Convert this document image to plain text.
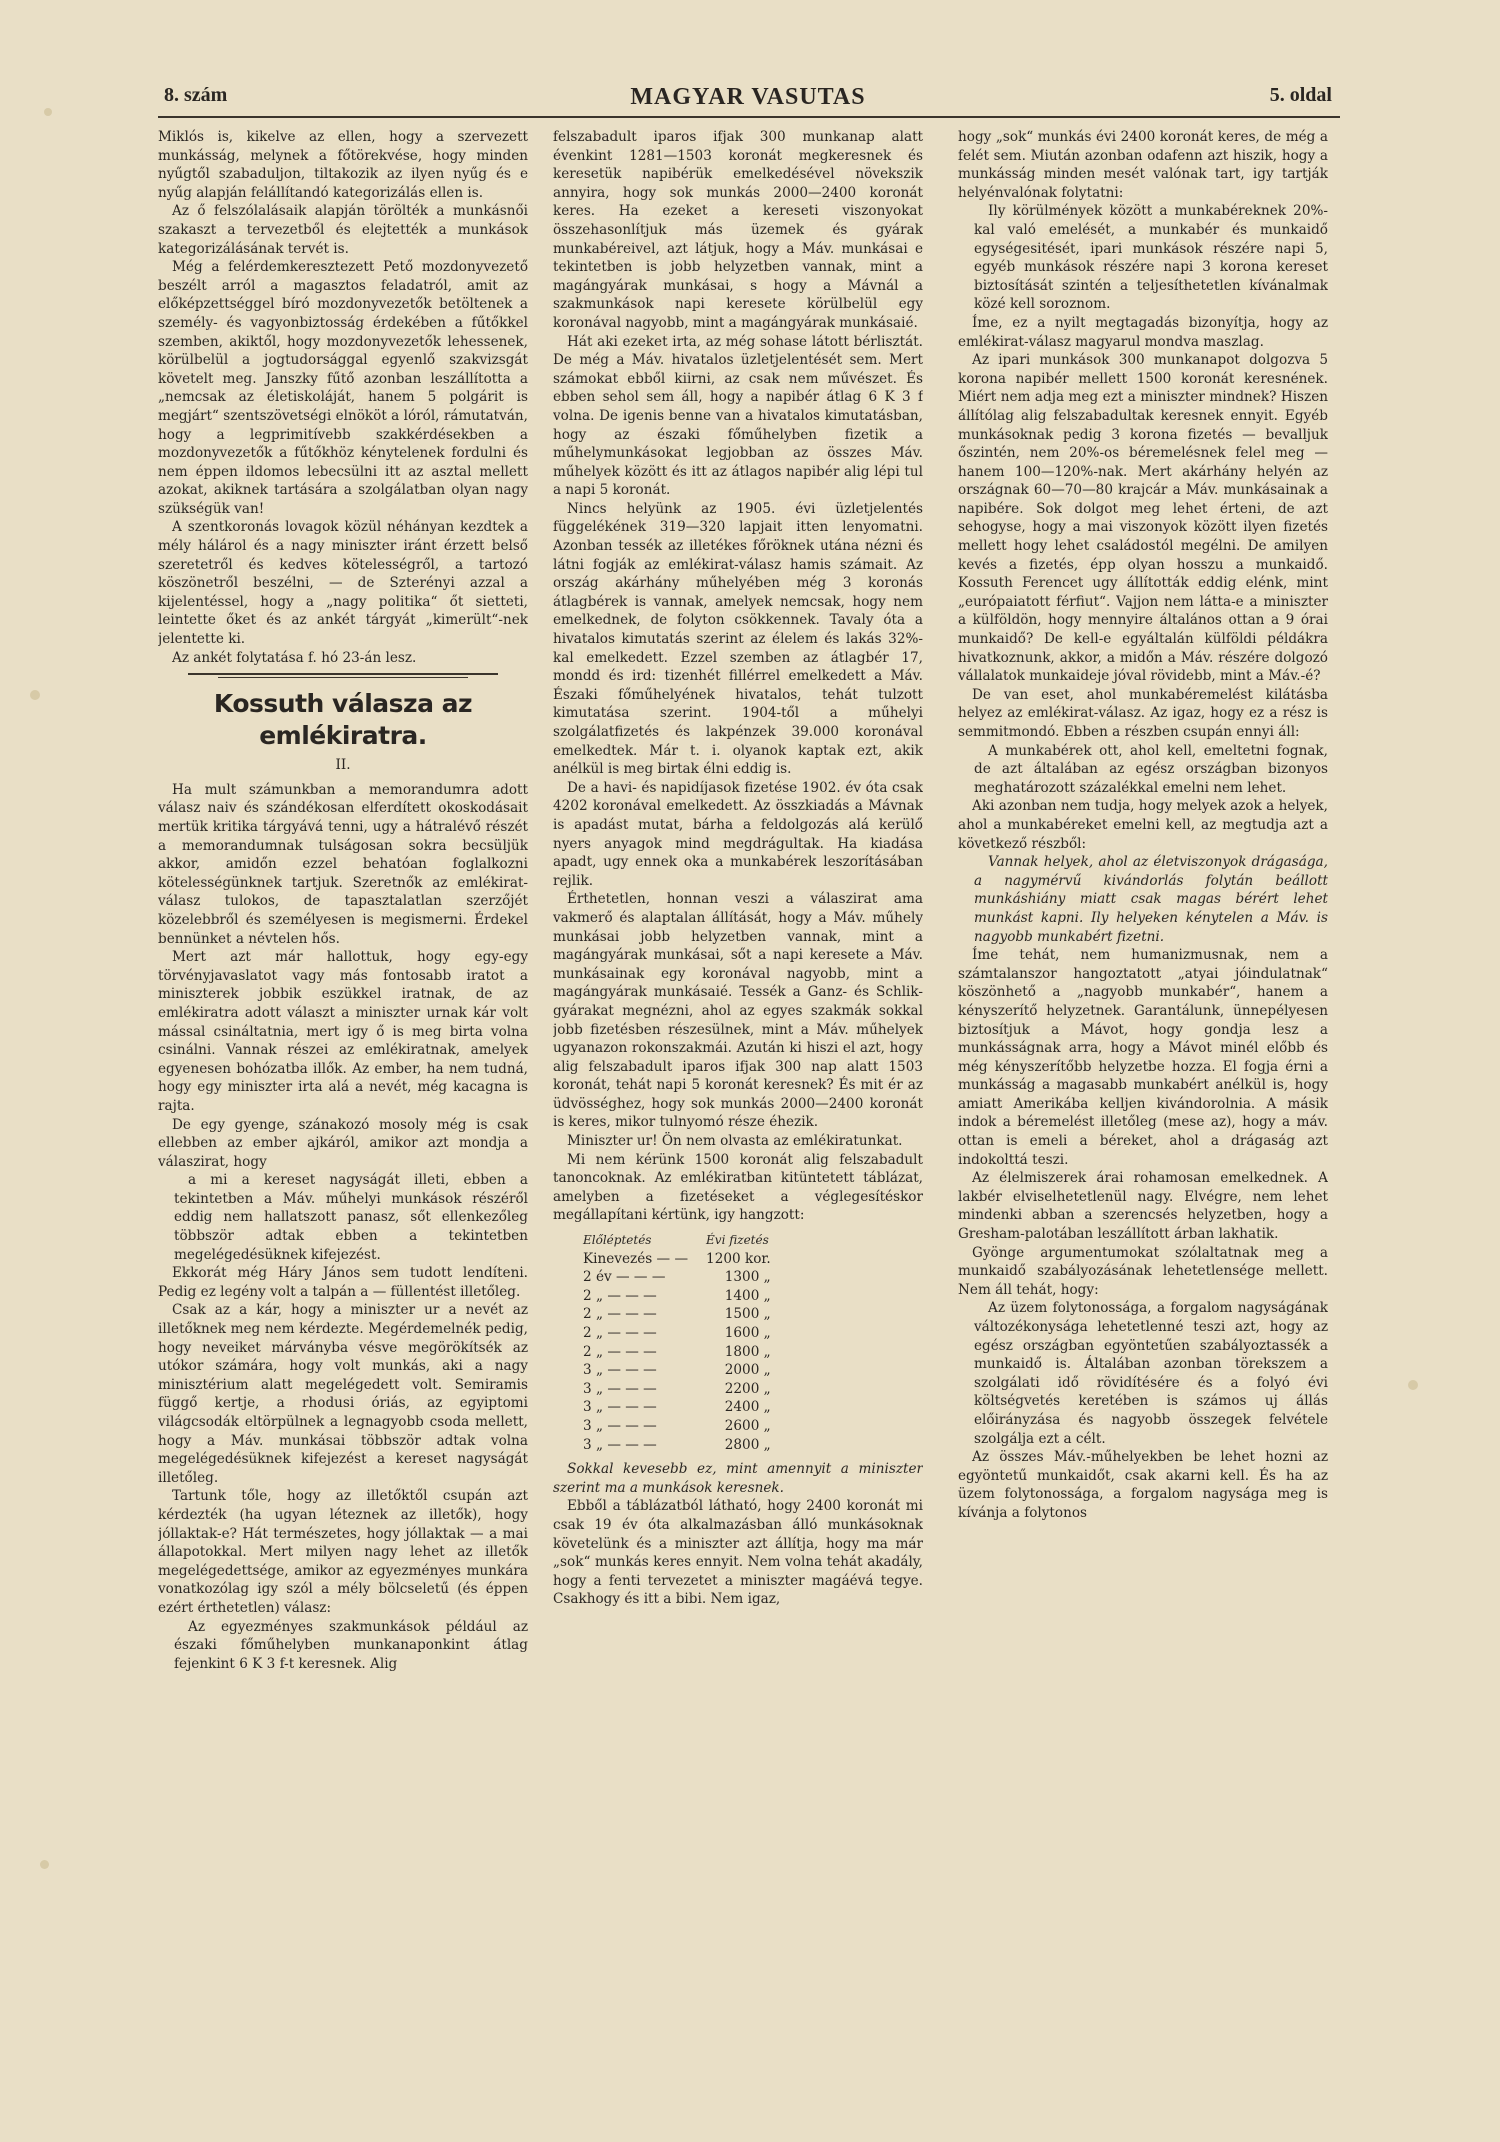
8. szám	MAGYAR VASUTAS	5. oldal

Miklós is, kikelve az ellen, hogy a szervezett munkásság, melynek a főtörekvése, hogy minden nyűgtől szabaduljon, tiltakozik az ilyen nyűg és e nyűg alapján felállítandó kategorizálás ellen is.

Az ő felszólalásaik alapján törölték a munkásnői szakaszt a tervezetből és elejtették a munkások kategorizálásának tervét is.

Még a felérdemkeresztezett Pető mozdonyvezető beszélt arról a magasztos feladatról, amit az előképzettséggel bíró mozdonyvezetők betöltenek a személy- és vagyonbiztosság érdekében a fűtőkkel szemben, akiktől, hogy mozdonyvezetők lehessenek, körülbelül a jogtudorsággal egyenlő szakvizsgát követelt meg. Janszky fűtő azonban leszállította a „nemcsak az életiskoláját, hanem 5 polgárit is megjárt“ szentszövetségi elnököt a lóról, rámutatván, hogy a legprimitívebb szakkérdésekben a mozdonyvezetők a fűtőkhöz kénytelenek fordulni és nem éppen ildomos lebecsülni itt az asztal mellett azokat, akiknek tartására a szolgálatban olyan nagy szükségük van!

A szentkoronás lovagok közül néhányan kezdtek a mély hálárol és a nagy miniszter iránt érzett belső szeretetről és kedves kötelességről, a tartozó köszönetről beszélni, — de Szterényi azzal a kijelentéssel, hogy a „nagy politika“ őt sietteti, leintette őket és az ankét tárgyát „kimerült“-nek jelentette ki.

Az ankét folytatása f. hó 23-án lesz.

Kossuth válasza az emlékiratra.

II.

Ha mult számunkban a memorandumra adott válasz naiv és szándékosan elferdített okoskodásait mertük kritika tárgyává tenni, ugy a hátralévő részét a memorandumnak tulságosan sokra becsüljük akkor, amidőn ezzel behatóan foglalkozni kötelességünknek tartjuk. Szeretnők az emlékirat-válasz tulokos, de tapasztalatlan szerzőjét közelebbről és személyesen is megismerni. Érdekel bennünket a névtelen hős.

Mert azt már hallottuk, hogy egy-egy törvényjavaslatot vagy más fontosabb iratot a miniszterek jobbik eszükkel iratnak, de az emlékiratra adott választ a miniszter urnak kár volt mással csináltatnia, mert igy ő is meg birta volna csinálni. Vannak részei az emlékiratnak, amelyek egyenesen bohózatba illők. Az ember, ha nem tudná, hogy egy miniszter irta alá a nevét, még kacagna is rajta.

De egy gyenge, szánakozó mosoly még is csak ellebben az ember ajkáról, amikor azt mondja a válaszirat, hogy

a mi a kereset nagyságát illeti, ebben a tekintetben a Máv. műhelyi munkások részéről eddig nem hallatszott panasz, sőt ellenkezőleg többször adtak ebben a tekintetben megelégedésüknek kifejezést.

Ekkorát még Háry János sem tudott lendíteni. Pedig ez legény volt a talpán a — füllentést illetőleg.

Csak az a kár, hogy a miniszter ur a nevét az illetőknek meg nem kérdezte. Megérdemelnék pedig, hogy neveiket márványba vésve megörökítsék az utókor számára, hogy volt munkás, aki a nagy minisztérium alatt megelégedett volt. Semiramis függő kertje, a rhodusi óriás, az egyiptomi világcsodák eltörpülnek a legnagyobb csoda mellett, hogy a Máv. munkásai többször adtak volna megelégedésüknek kifejezést a kereset nagyságát illetőleg.

Tartunk tőle, hogy az illetőktől csupán azt kérdezték (ha ugyan léteznek az illetők), hogy jóllaktak-e? Hát természetes, hogy jóllaktak — a mai állapotokkal. Mert milyen nagy lehet az illetők megelégedettsége, amikor az egyezményes munkára vonatkozólag igy szól a mély bölcseletű (és éppen ezért érthetetlen) válasz:

Az egyezményes szakmunkások például az északi főműhelyben munkanaponkint átlag fejenkint 6 K 3 f-t keresnek. Alig

felszabadult iparos ifjak 300 munkanap alatt évenkint 1281—1503 koronát megkeresnek és keresetük napibérük emelkedésével növekszik annyira, hogy sok munkás 2000—2400 koronát keres. Ha ezeket a kereseti viszonyokat összehasonlítjuk más üzemek és gyárak munkabéreivel, azt látjuk, hogy a Máv. munkásai e tekintetben is jobb helyzetben vannak, mint a magángyárak munkásai, s hogy a Mávnál a szakmunkások napi keresete körülbelül egy koronával nagyobb, mint a magángyárak munkásaié.

Hát aki ezeket irta, az még sohase látott bérlisztát. De még a Máv. hivatalos üzletjelentését sem. Mert számokat ebből kiirni, az csak nem művészet. És ebben sehol sem áll, hogy a napibér átlag 6 K 3 f volna. De igenis benne van a hivatalos kimutatásban, hogy az északi főműhelyben fizetik a műhelymunkásokat legjobban az összes Máv. műhelyek között és itt az átlagos napibér alig lépi tul a napi 5 koronát.

Nincs helyünk az 1905. évi üzletjelentés függelékének 319—320 lapjait itten lenyomatni. Azonban tessék az illetékes főröknek utána nézni és látni fogják az emlékirat-válasz hamis számait. Az ország akárhány műhelyében még 3 koronás átlagbérek is vannak, amelyek nemcsak, hogy nem emelkednek, de folyton csökkennek. Tavaly óta a hivatalos kimutatás szerint az élelem és lakás 32%-kal emelkedett. Ezzel szemben az átlagbér 17, mondd és ird: tizenhét fillérrel emelkedett a Máv. Északi főműhelyének hivatalos, tehát tulzott kimutatása szerint. 1904-től a műhelyi szolgálatfizetés és lakpénzek 39.000 koronával emelkedtek. Már t. i. olyanok kaptak ezt, akik anélkül is meg birtak élni eddig is.

De a havi- és napidíjasok fizetése 1902. év óta csak 4202 koronával emelkedett. Az összkiadás a Mávnak is apadást mutat, bárha a feldolgozás alá kerülő nyers anyagok mind megdrágultak. Ha kiadása apadt, ugy ennek oka a munkabérek leszorításában rejlik.

Érthetetlen, honnan veszi a válaszirat ama vakmerő és alaptalan állítását, hogy a Máv. műhely munkásai jobb helyzetben vannak, mint a magángyárak munkásai, sőt a napi keresete a Máv. munkásainak egy koronával nagyobb, mint a magángyárak munkásaié. Tessék a Ganz- és Schlik-gyárakat megnézni, ahol az egyes szakmák sokkal jobb fizetésben részesülnek, mint a Máv. műhelyek ugyanazon rokonszakmái. Azután ki hiszi el azt, hogy alig felszabadult iparos ifjak 300 nap alatt 1503 koronát, tehát napi 5 koronát keresnek? És mit ér az üdvösséghez, hogy sok munkás 2000—2400 koronát is keres, mikor tulnyomó része éhezik.

Miniszter ur! Ön nem olvasta az emlékiratunkat.

Mi nem kérünk 1500 koronát alig felszabadult tanoncoknak. Az emlékiratban kitüntetett táblázat, amelyben a fizetéseket a véglegesítéskor megállapítani kértünk, igy hangzott:

Előléptetés	Évi fizetés
Kinevezés — —	1200 kor.
2 év — — —	1300 „
2 „ — — —	1400 „
2 „ — — —	1500 „
2 „ — — —	1600 „
2 „ — — —	1800 „
3 „ — — —	2000 „
3 „ — — —	2200 „
3 „ — — —	2400 „
3 „ — — —	2600 „
3 „ — — —	2800 „

Sokkal kevesebb ez, mint amennyit a miniszter szerint ma a munkások keresnek.

Ebből a táblázatból látható, hogy 2400 koronát mi csak 19 év óta alkalmazásban álló munkásoknak követelünk és a miniszter azt állítja, hogy ma már „sok“ munkás keres ennyit. Nem volna tehát akadály, hogy a fenti tervezetet a miniszter magáévá tegye. Csakhogy és itt a bibi. Nem igaz,

hogy „sok“ munkás évi 2400 koronát keres, de még a felét sem. Miután azonban odafenn azt hiszik, hogy a munkásság minden mesét valónak tart, igy tartják helyénvalónak folytatni:

Ily körülmények között a munkabéreknek 20%-kal való emelését, a munkabér és munkaidő egységesitését, ipari munkások részére napi 5, egyéb munkások részére napi 3 korona kereset biztosítását szintén a teljesíthetetlen kívánalmak közé kell soroznom.

Íme, ez a nyilt megtagadás bizonyítja, hogy az emlékirat-válasz magyarul mondva maszlag.

Az ipari munkások 300 munkanapot dolgozva 5 korona napibér mellett 1500 koronát keresnének. Miért nem adja meg ezt a miniszter mindnek? Hiszen állítólag alig felszabadultak keresnek ennyit. Egyéb munkásoknak pedig 3 korona fizetés — bevalljuk őszintén, nem 20%-os béremelésnek felel meg — hanem 100—120%-nak. Mert akárhány helyén az országnak 60—70—80 krajcár a Máv. munkásainak a napibére. Sok dolgot meg lehet érteni, de azt sehogyse, hogy a mai viszonyok között ilyen fizetés mellett hogy lehet családostól megélni. De amilyen kevés a fizetés, épp olyan hosszu a munkaidő. Kossuth Ferencet ugy állították eddig elénk, mint „európaiatott férfiut“. Vajjon nem látta-e a miniszter a külföldön, hogy mennyire általános ottan a 9 órai munkaidő? De kell-e egyáltalán külföldi példákra hivatkoznunk, akkor, a midőn a Máv. részére dolgozó vállalatok munkaideje jóval rövidebb, mint a Máv.-é?

De van eset, ahol munkabéremelést kilátásba helyez az emlékirat-válasz. Az igaz, hogy ez a rész is semmitmondó. Ebben a részben csupán ennyi áll:

A munkabérek ott, ahol kell, emeltetni fognak, de azt általában az egész országban bizonyos meghatározott százalékkal emelni nem lehet.

Aki azonban nem tudja, hogy melyek azok a helyek, ahol a munkabéreket emelni kell, az megtudja azt a következő részből:

Vannak helyek, ahol az életviszonyok drágasága, a nagymérvű kivándorlás folytán beállott munkáshiány miatt csak magas bérért lehet munkást kapni. Ily helyeken kénytelen a Máv. is nagyobb munkabért fizetni.

Íme tehát, nem humanizmusnak, nem a számtalanszor hangoztatott „atyai jóindulatnak“ köszönhető a „nagyobb munkabér“, hanem a kényszerítő helyzetnek. Garantálunk, ünnepélyesen biztosítjuk a Mávot, hogy gondja lesz a munkásságnak arra, hogy a Mávot minél előbb és még kényszerítőbb helyzetbe hozza. El fogja érni a munkásság a magasabb munkabért anélkül is, hogy amiatt Amerikába kelljen kivándorolnia. A másik indok a béremelést illetőleg (mese az), hogy a máv. ottan is emeli a béreket, ahol a drágaság azt indokolttá teszi.

Az élelmiszerek árai rohamosan emelkednek. A lakbér elviselhetetlenül nagy. Elvégre, nem lehet mindenki abban a szerencsés helyzetben, hogy a Gresham-palotában leszállított árban lakhatik.

Gyönge argumentumokat szólaltatnak meg a munkaidő szabályozásának lehetetlensége mellett. Nem áll tehát, hogy:

Az üzem folytonossága, a forgalom nagyságának változékonysága lehetetlenné teszi azt, hogy az egész országban egyöntetűen szabályoztassék a munkaidő is. Általában azonban törekszem a szolgálati idő rövidítésére és a folyó évi költségvetés keretében is számos uj állás előirányzása és nagyobb összegek felvétele szolgálja ezt a célt.

Az összes Máv.-műhelyekben be lehet hozni az egyöntetű munkaidőt, csak akarni kell. És ha az üzem folytonossága, a forgalom nagysága meg is kívánja a folytonos
